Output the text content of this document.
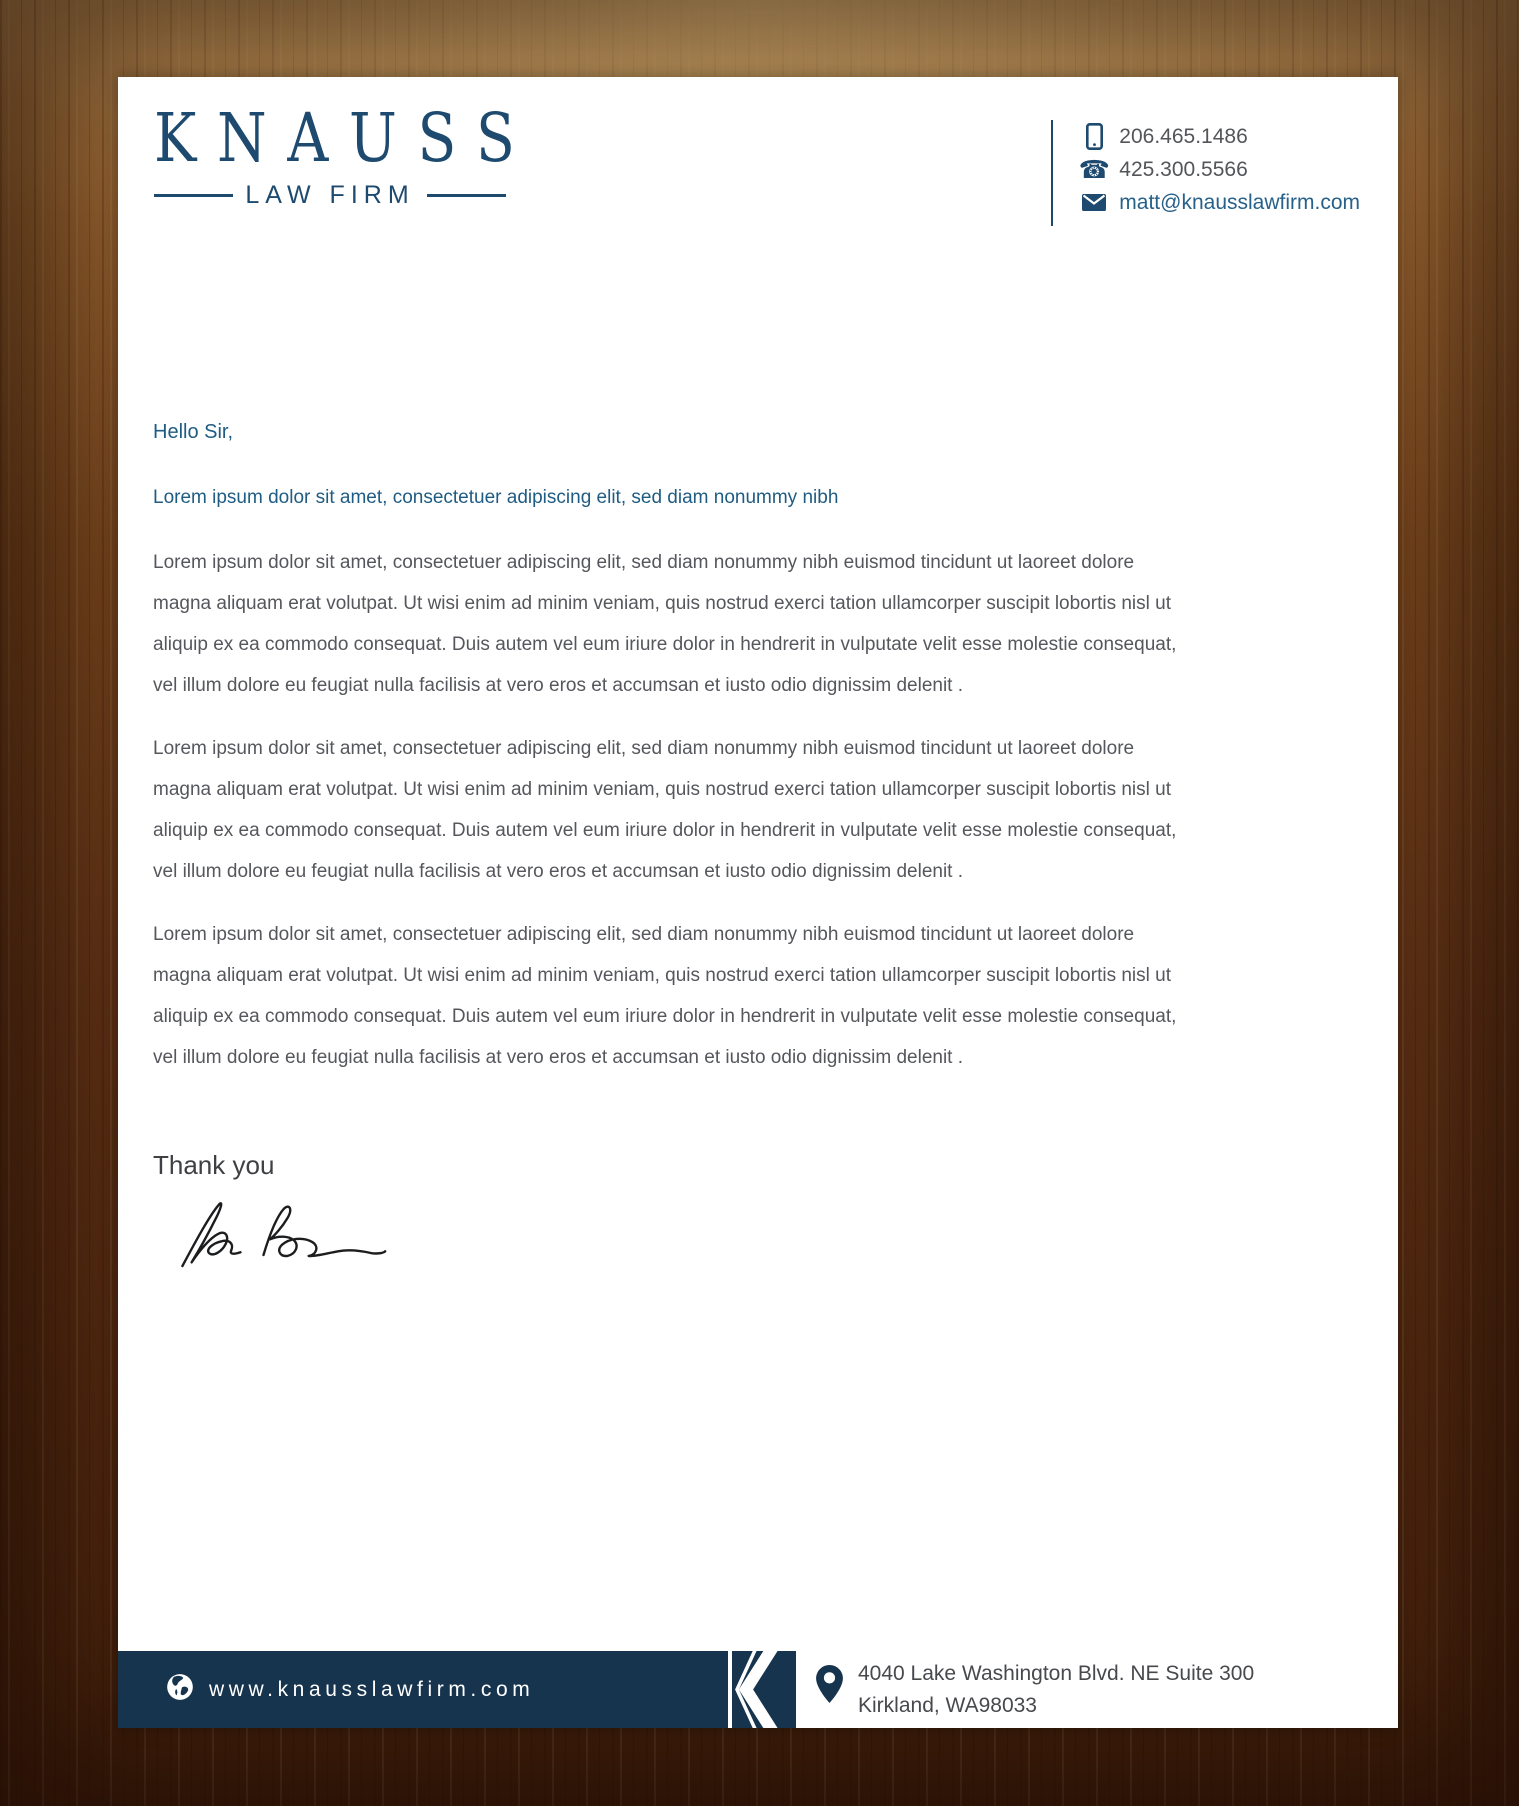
KNAUSS
LAW FIRM
206.465.1486
☎ 425.300.5566
matt@knausslawfirm.com

Hello Sir,

Lorem ipsum dolor sit amet, consectetuer adipiscing elit, sed diam nonummy nibh

Lorem ipsum dolor sit amet, consectetuer adipiscing elit, sed diam nonummy nibh euismod tincidunt ut laoreet dolore magna aliquam erat volutpat. Ut wisi enim ad minim veniam, quis nostrud exerci tation ullamcorper suscipit lobortis nisl ut aliquip ex ea commodo consequat. Duis autem vel eum iriure dolor in hendrerit in vulputate velit esse molestie consequat, vel illum dolore eu feugiat nulla facilisis at vero eros et accumsan et iusto odio dignissim delenit .

Lorem ipsum dolor sit amet, consectetuer adipiscing elit, sed diam nonummy nibh euismod tincidunt ut laoreet dolore magna aliquam erat volutpat. Ut wisi enim ad minim veniam, quis nostrud exerci tation ullamcorper suscipit lobortis nisl ut aliquip ex ea commodo consequat. Duis autem vel eum iriure dolor in hendrerit in vulputate velit esse molestie consequat, vel illum dolore eu feugiat nulla facilisis at vero eros et accumsan et iusto odio dignissim delenit .

Lorem ipsum dolor sit amet, consectetuer adipiscing elit, sed diam nonummy nibh euismod tincidunt ut laoreet dolore magna aliquam erat volutpat. Ut wisi enim ad minim veniam, quis nostrud exerci tation ullamcorper suscipit lobortis nisl ut aliquip ex ea commodo consequat. Duis autem vel eum iriure dolor in hendrerit in vulputate velit esse molestie consequat, vel illum dolore eu feugiat nulla facilisis at vero eros et accumsan et iusto odio dignissim delenit .

Thank you

www.knausslawfirm.com
4040 Lake Washington Blvd. NE Suite 300
Kirkland, WA98033
